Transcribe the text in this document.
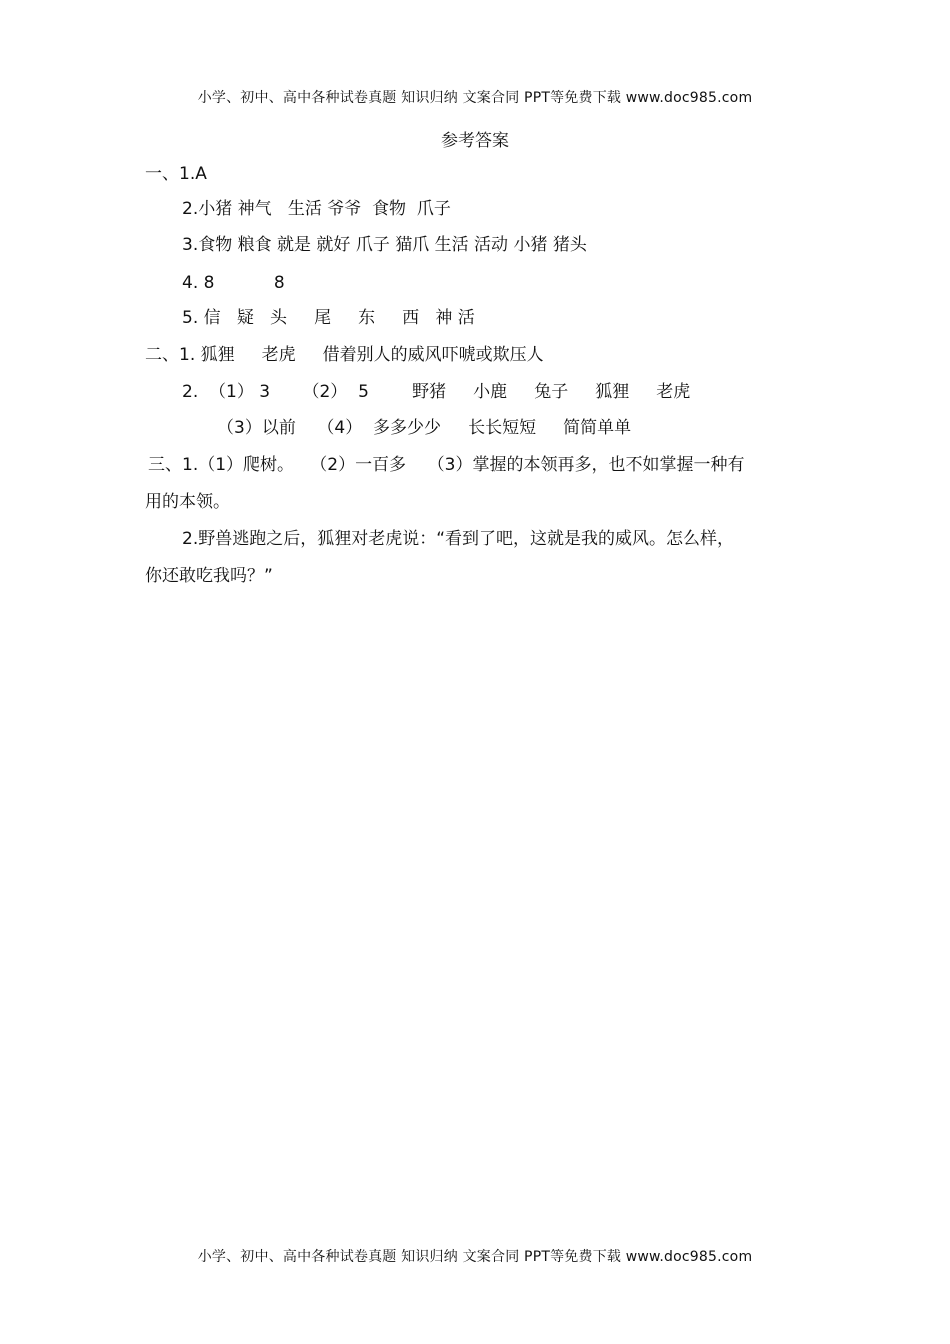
小学、初中、高中各种试卷真题 知识归纳 文案合同 PPT等免费下载 www.doc985.com
参考答案
一、1.A
2.小猪 神气   生活 爷爷  食物  爪子
3.食物 粮食 就是 就好 爪子 猫爪 生活 活动 小猪 猪头
4. 8           8
5. 信   疑   头     尾     东     西   神 活
二、1. 狐狸     老虎     借着别人的威风吓唬或欺压人
2.  （1） 3      （2）  5        野猪     小鹿     兔子     狐狸     老虎
（3）以前    （4）  多多少少     长长短短     简简单单
三、1.（1）爬树。   （2）一百多    （3）掌握的本领再多，也不如掌握一种有
用的本领。
2.野兽逃跑之后，狐狸对老虎说：“看到了吧，这就是我的威风。怎么样，
你还敢吃我吗？”
小学、初中、高中各种试卷真题 知识归纳 文案合同 PPT等免费下载 www.doc985.com
